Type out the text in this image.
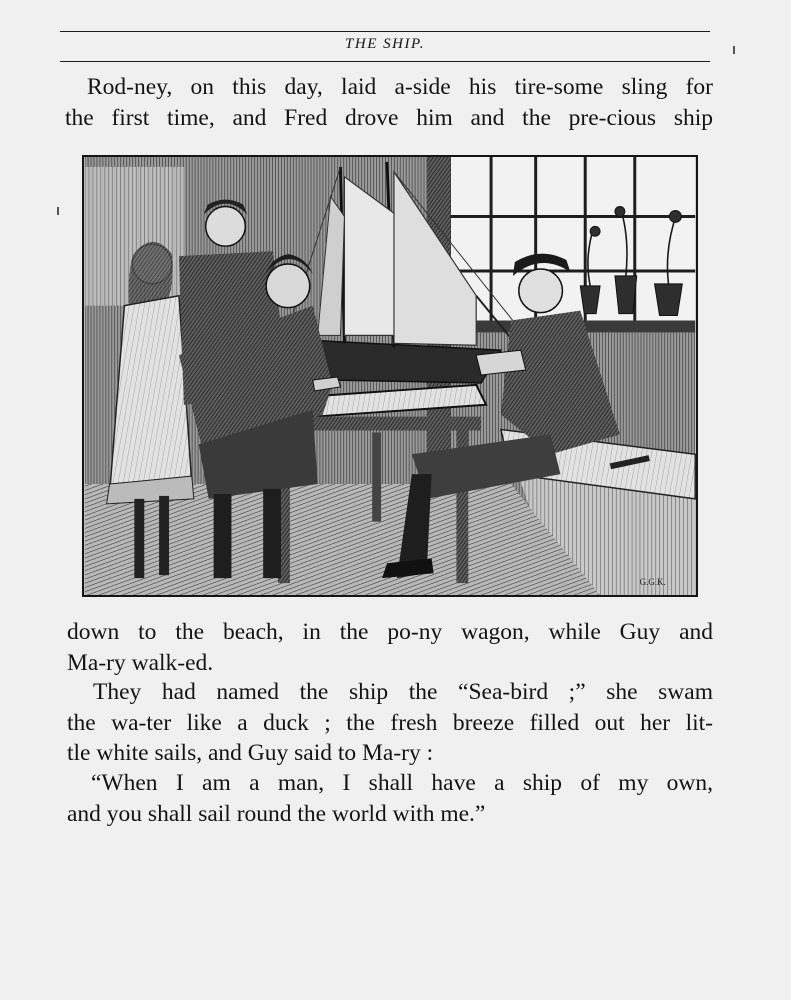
THE SHIP.

Rod-ney, on this day, laid a-side his tire-some sling for
the first time, and Fred drove him and the pre-cious ship

G.G.K.

down to the beach, in the po-ny wagon, while Guy and
Ma-ry walk-ed.

They had named the ship the “Sea-bird ;” she swam
the wa-ter like a duck ; the fresh breeze filled out her lit-
tle white sails, and Guy said to Ma-ry :

“When I am a man, I shall have a ship of my own,
and you shall sail round the world with me.”
